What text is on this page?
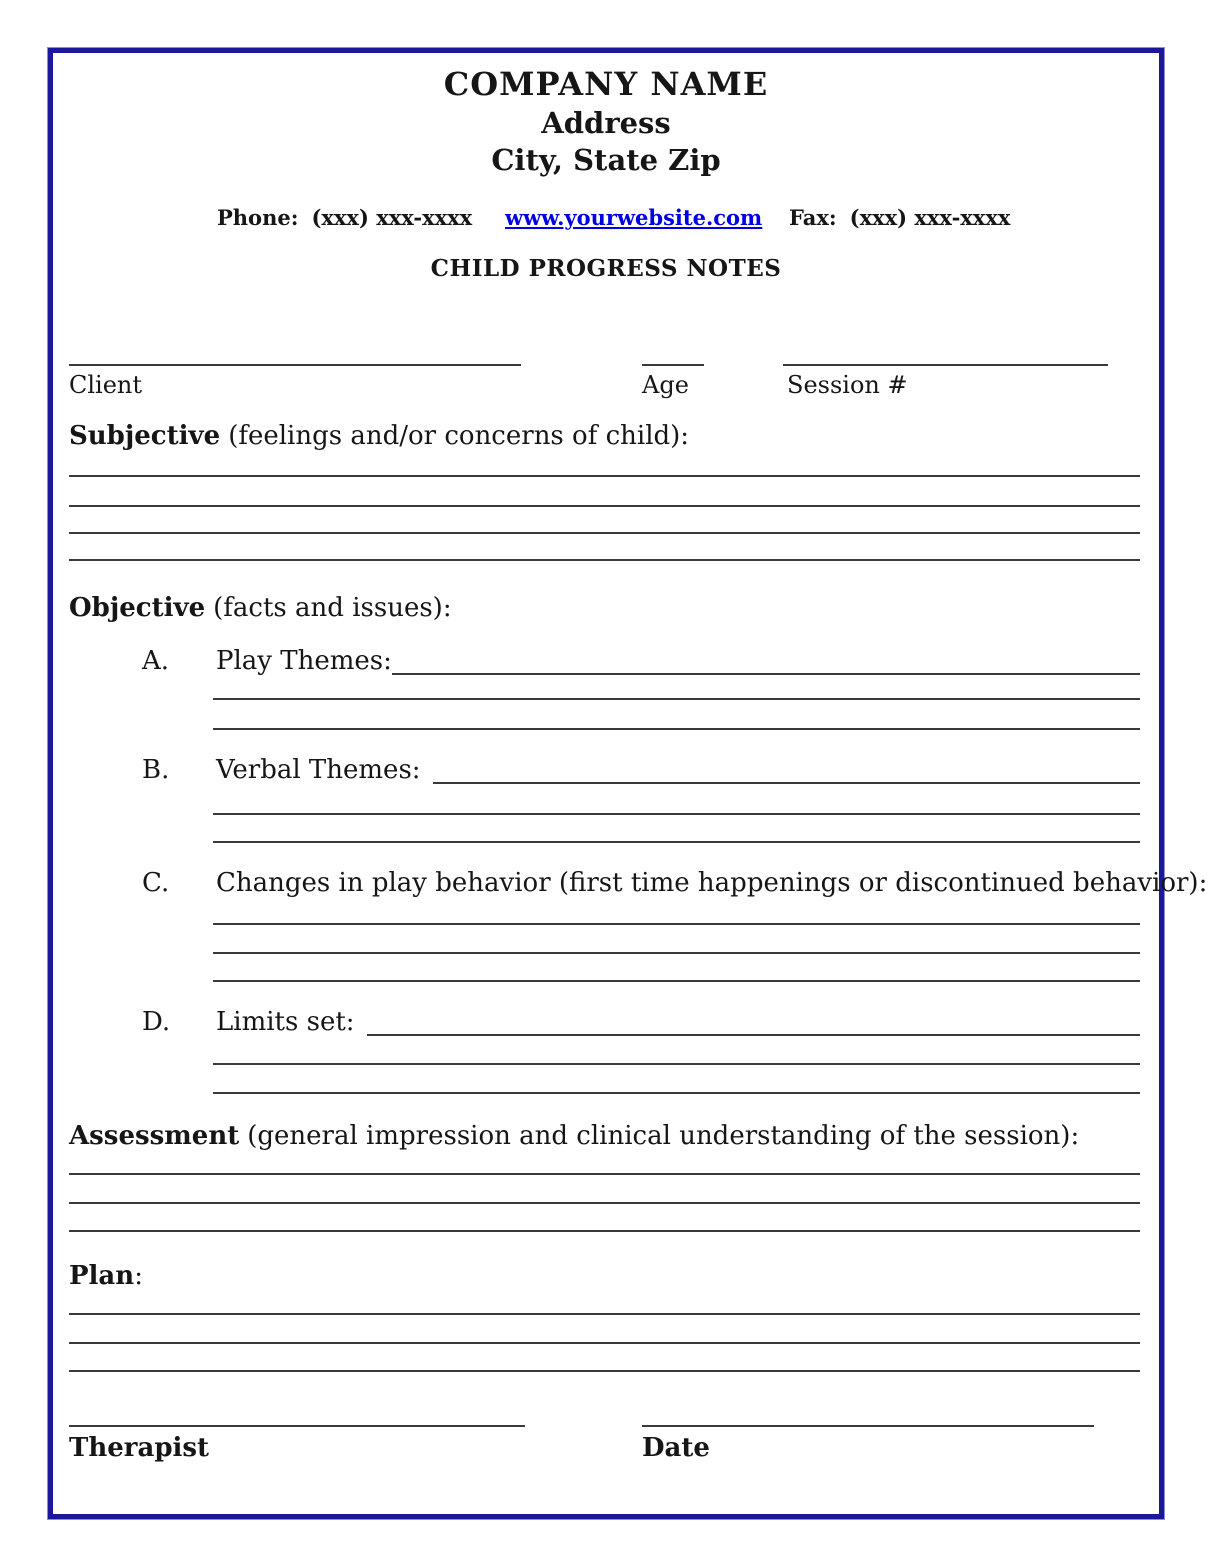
COMPANY NAME
Address
City, State Zip
Phone: (xxx) xxx-xxxx www.yourwebsite.com Fax: (xxx) xxx-xxxx
CHILD PROGRESS NOTES
Client	Age	Session #
Subjective (feelings and/or concerns of child):
Objective (facts and issues):
A.	Play Themes:
B.	Verbal Themes:
C.	Changes in play behavior (first time happenings or discontinued behavior):
D.	Limits set:
Assessment (general impression and clinical understanding of the session):
Plan:
Therapist	Date
